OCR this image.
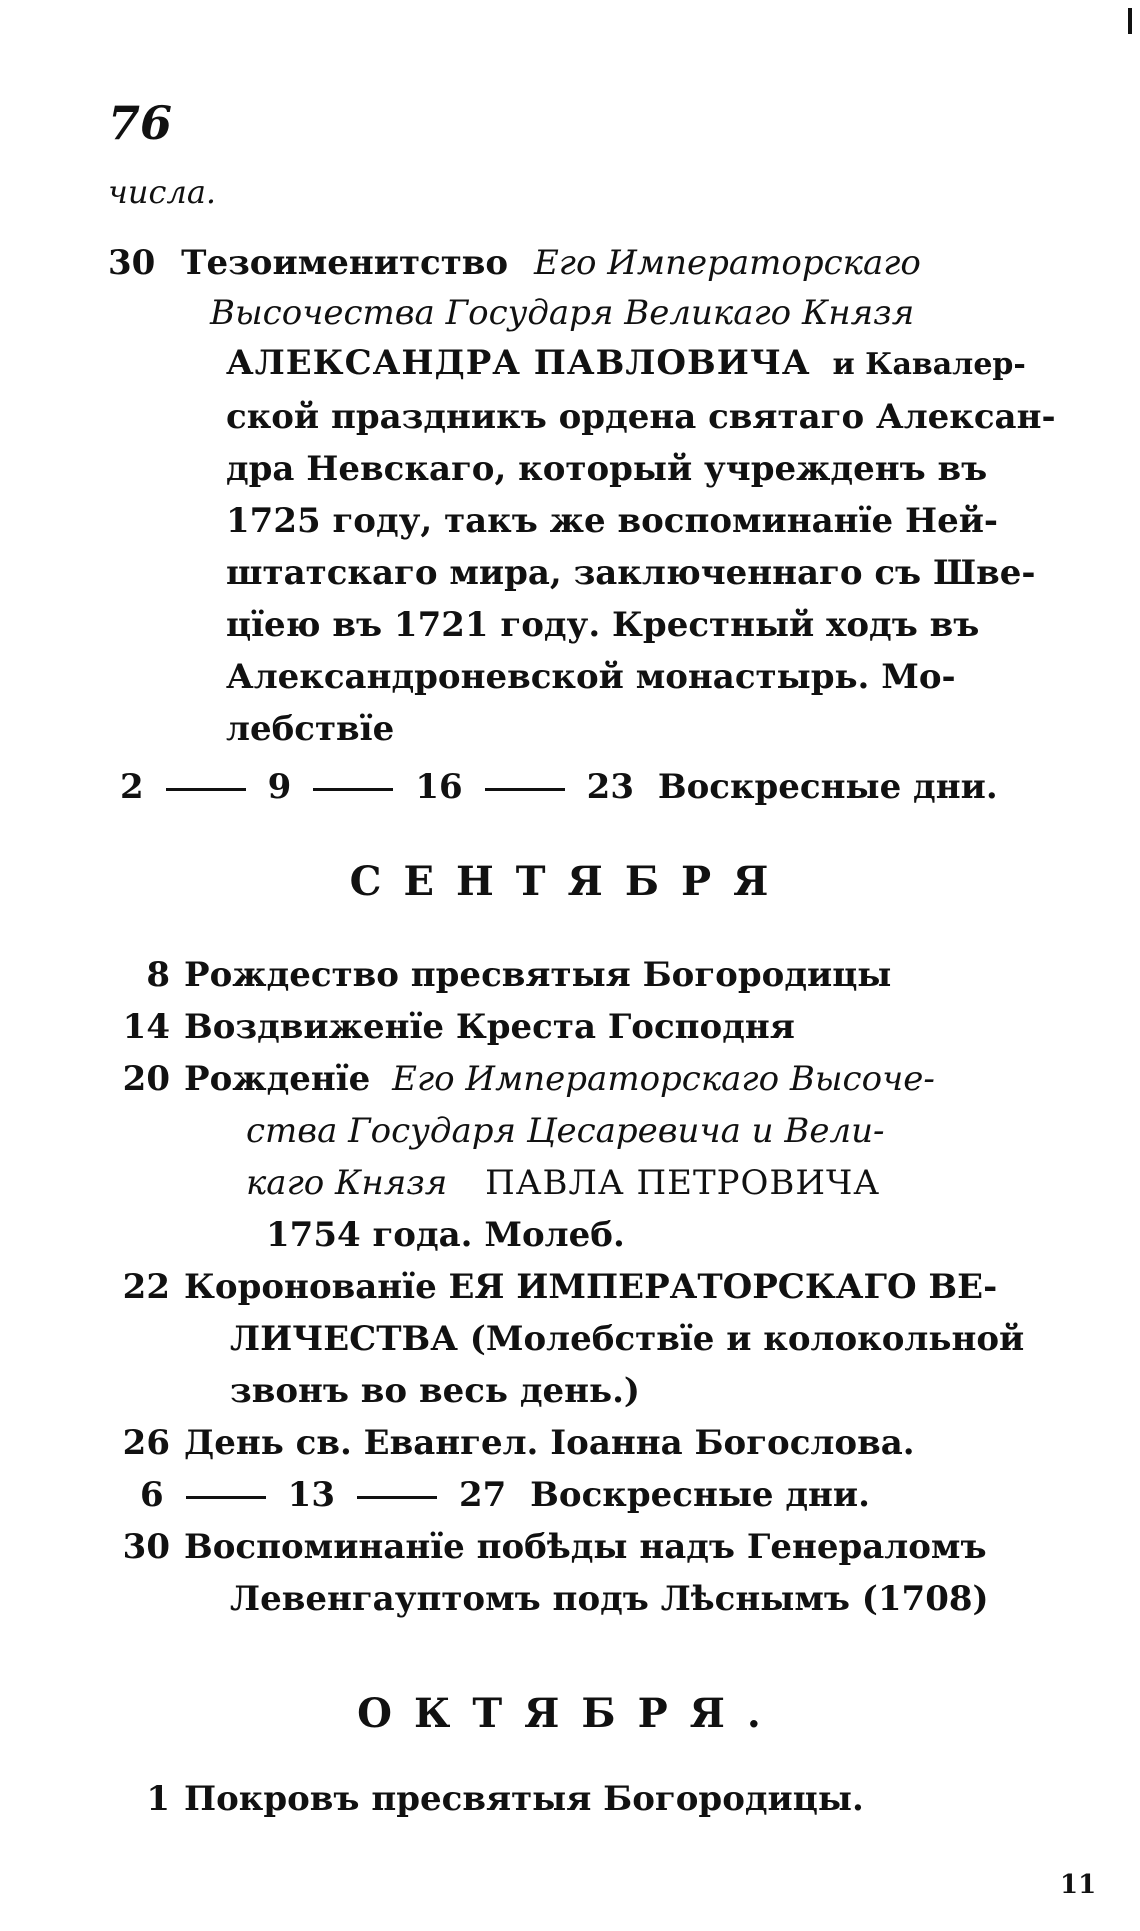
76
числа.
30 Тезоименитство Его Императорскаго
Высочества Государя Великаго Князя
АЛЕКСАНДРА ПАВЛОВИЧА и Кавалер-
ской праздникъ ордена святаго Алексан-
дра Невскаго, который учрежденъ въ
1725 году, такъ же воспоминанїе Ней-
штатскаго мира, заключеннаго съ Шве-
цїею въ 1721 году. Крестный ходъ въ
Александроневской монастырь. Мо-
лебствїе
2	9	16	23 Воскресные дни.
СЕНТЯБРЯ
8 Рождество пресвятыя Богородицы
14 Воздвиженїе Креста Господня
20 Рожденїе Его Императорскаго Высоче-
ства Государя Цесаревича и Вели-
каго Князя ПАВЛА ПЕТРОВИЧА
1754 года. Молеб.
22 Коронованїе ЕЯ ИМПЕРАТОРСКАГО ВЕ-
ЛИЧЕСТВА (Молебствїе и колокольной
звонъ во весь день.)
26 День св. Евангел. Іоанна Богослова.
6	13	27 Воскресные дни.
30 Воспоминанїе побѣды надъ Генераломъ
Левенгауптомъ подъ Лѣснымъ (1708)
ОКТЯБРЯ.
1 Покровъ пресвятыя Богородицы.
11
